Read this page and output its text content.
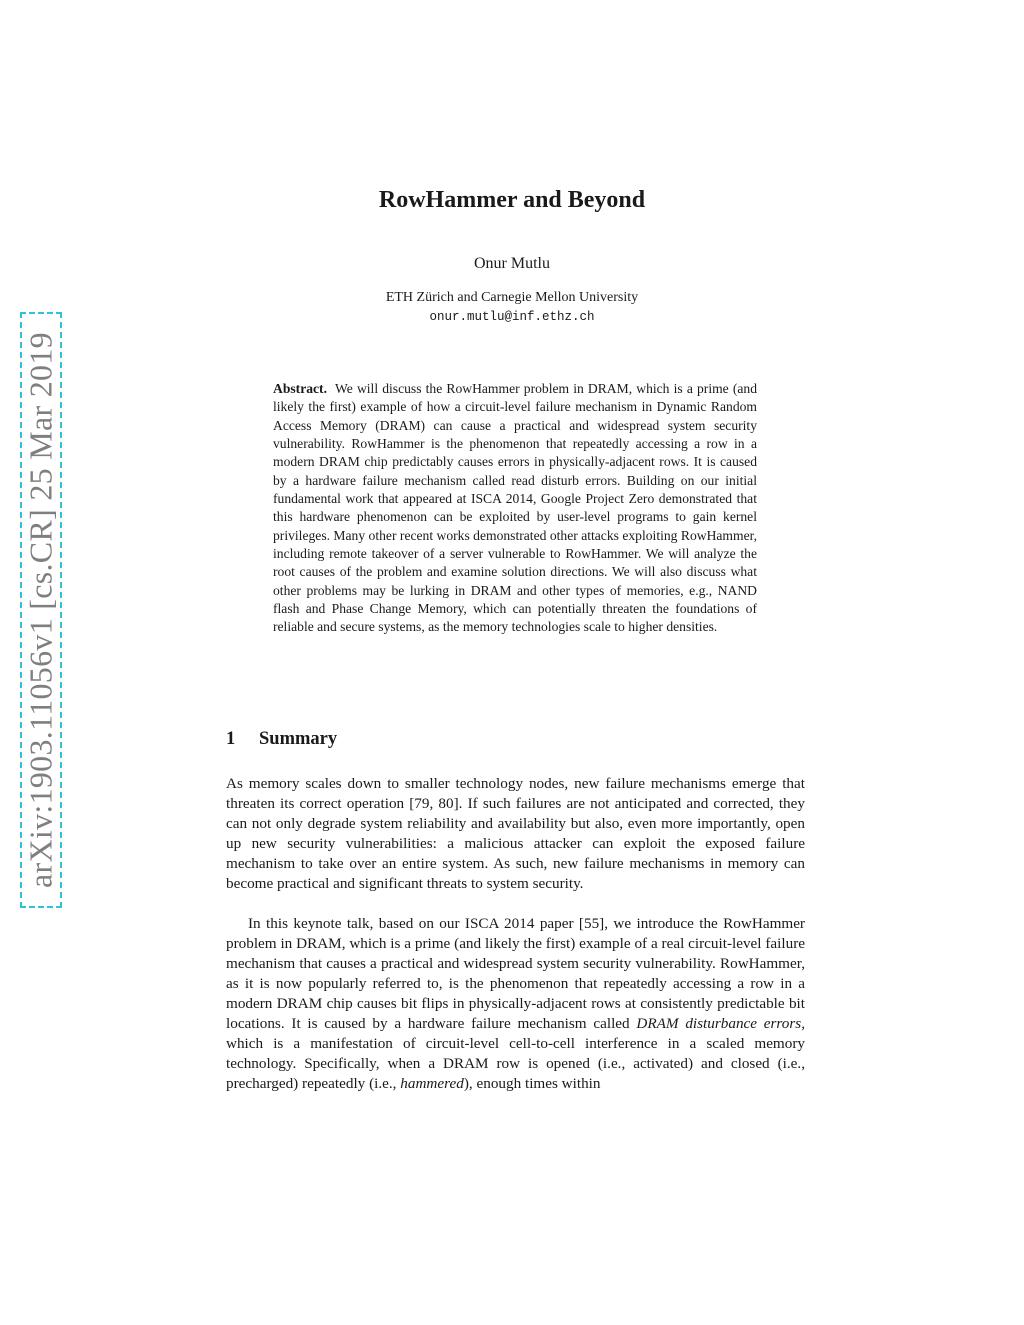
arXiv:1903.11056v1 [cs.CR] 25 Mar 2019
RowHammer and Beyond
Onur Mutlu
ETH Zürich and Carnegie Mellon University
onur.mutlu@inf.ethz.ch
Abstract. We will discuss the RowHammer problem in DRAM, which is a prime (and likely the first) example of how a circuit-level failure mechanism in Dynamic Random Access Memory (DRAM) can cause a practical and widespread system security vulnerability. RowHammer is the phenomenon that repeatedly accessing a row in a modern DRAM chip predictably causes errors in physically-adjacent rows. It is caused by a hardware failure mechanism called read disturb errors. Building on our initial fundamental work that appeared at ISCA 2014, Google Project Zero demonstrated that this hardware phenomenon can be exploited by user-level programs to gain kernel privileges. Many other recent works demonstrated other attacks exploiting RowHammer, including remote takeover of a server vulnerable to RowHammer. We will analyze the root causes of the problem and examine solution directions. We will also discuss what other problems may be lurking in DRAM and other types of memories, e.g., NAND flash and Phase Change Memory, which can potentially threaten the foundations of reliable and secure systems, as the memory technologies scale to higher densities.
1 Summary
As memory scales down to smaller technology nodes, new failure mechanisms emerge that threaten its correct operation [79, 80]. If such failures are not anticipated and corrected, they can not only degrade system reliability and availability but also, even more importantly, open up new security vulnerabilities: a malicious attacker can exploit the exposed failure mechanism to take over an entire system. As such, new failure mechanisms in memory can become practical and significant threats to system security.
In this keynote talk, based on our ISCA 2014 paper [55], we introduce the RowHammer problem in DRAM, which is a prime (and likely the first) example of a real circuit-level failure mechanism that causes a practical and widespread system security vulnerability. RowHammer, as it is now popularly referred to, is the phenomenon that repeatedly accessing a row in a modern DRAM chip causes bit flips in physically-adjacent rows at consistently predictable bit locations. It is caused by a hardware failure mechanism called DRAM disturbance errors, which is a manifestation of circuit-level cell-to-cell interference in a scaled memory technology. Specifically, when a DRAM row is opened (i.e., activated) and closed (i.e., precharged) repeatedly (i.e., hammered), enough times within
